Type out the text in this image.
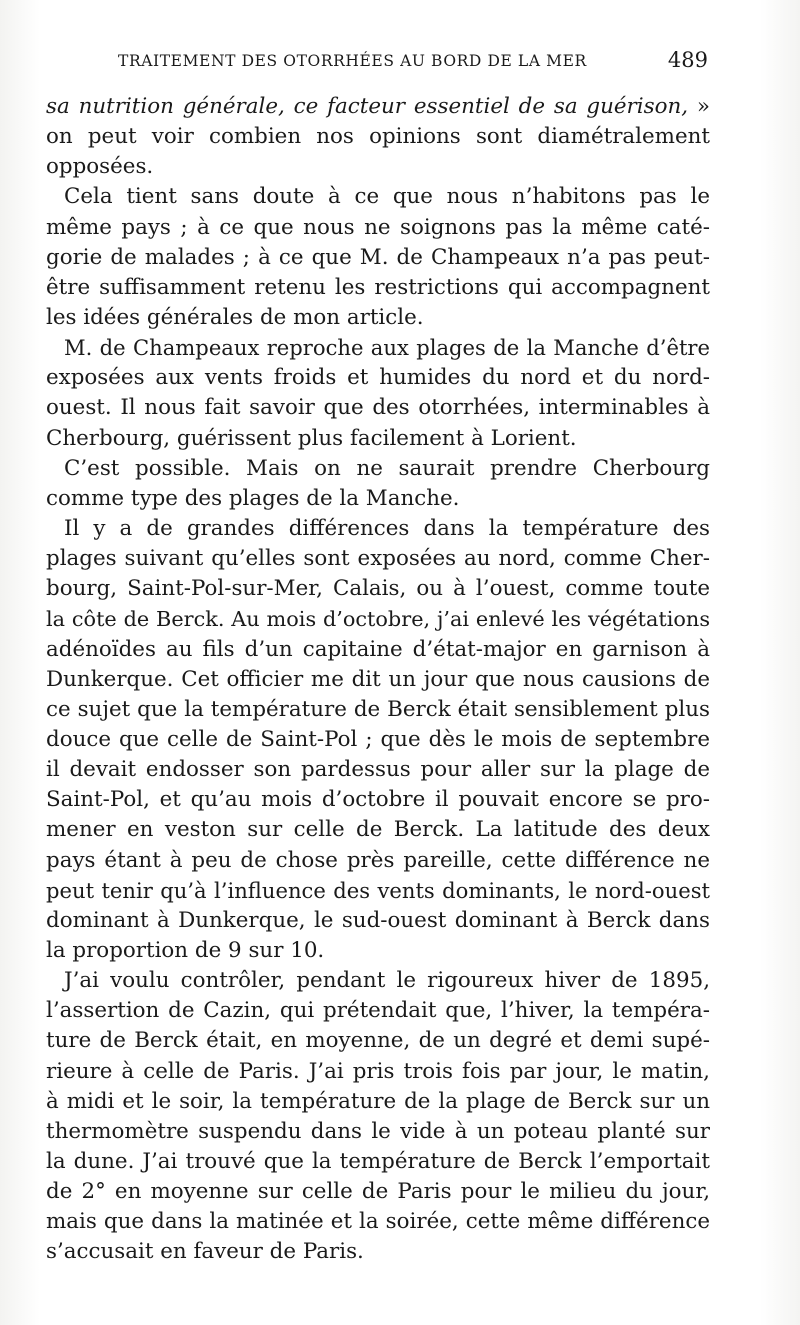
TRAITEMENT DES OTORRHÉES AU BORD DE LA MER	489
sa nutrition générale, ce facteur essentiel de sa guérison, »
on peut voir combien nos opinions sont diamétralement
opposées.
Cela tient sans doute à ce que nous n’habitons pas le
même pays ; à ce que nous ne soignons pas la même caté-
gorie de malades ; à ce que M. de Champeaux n’a pas peut-
être suffisamment retenu les restrictions qui accompagnent
les idées générales de mon article.
M. de Champeaux reproche aux plages de la Manche d’être
exposées aux vents froids et humides du nord et du nord-
ouest. Il nous fait savoir que des otorrhées, interminables à
Cherbourg, guérissent plus facilement à Lorient.
C’est possible. Mais on ne saurait prendre Cherbourg
comme type des plages de la Manche.
Il y a de grandes différences dans la température des
plages suivant qu’elles sont exposées au nord, comme Cher-
bourg, Saint-Pol-sur-Mer, Calais, ou à l’ouest, comme toute
la côte de Berck. Au mois d’octobre, j’ai enlevé les végétations
adénoïdes au fils d’un capitaine d’état-major en garnison à
Dunkerque. Cet officier me dit un jour que nous causions de
ce sujet que la température de Berck était sensiblement plus
douce que celle de Saint-Pol ; que dès le mois de septembre
il devait endosser son pardessus pour aller sur la plage de
Saint-Pol, et qu’au mois d’octobre il pouvait encore se pro-
mener en veston sur celle de Berck. La latitude des deux
pays étant à peu de chose près pareille, cette différence ne
peut tenir qu’à l’influence des vents dominants, le nord-ouest
dominant à Dunkerque, le sud-ouest dominant à Berck dans
la proportion de 9 sur 10.
J’ai voulu contrôler, pendant le rigoureux hiver de 1895,
l’assertion de Cazin, qui prétendait que, l’hiver, la tempéra-
ture de Berck était, en moyenne, de un degré et demi supé-
rieure à celle de Paris. J’ai pris trois fois par jour, le matin,
à midi et le soir, la température de la plage de Berck sur un
thermomètre suspendu dans le vide à un poteau planté sur
la dune. J’ai trouvé que la température de Berck l’emportait
de 2° en moyenne sur celle de Paris pour le milieu du jour,
mais que dans la matinée et la soirée, cette même différence
s’accusait en faveur de Paris.
